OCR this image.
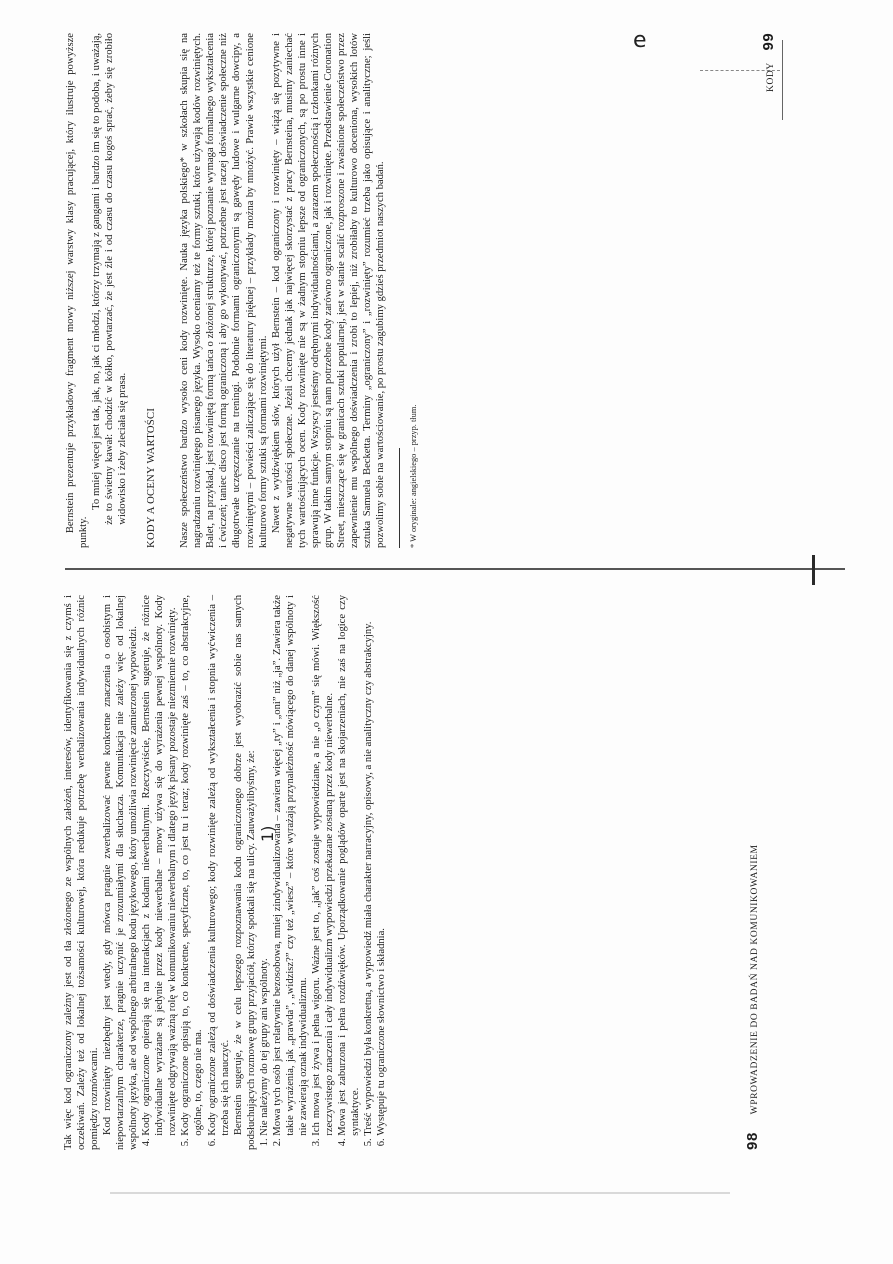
98  WPROWADZENIE DO BADAŃ NAD KOMUNIKOWANIEM

Tak więc kod ograniczony zależny jest od tła złożonego ze wspólnych założeń, interesów, identyfikowania się z czymś i oczekiwań. Zależy też od lokalnej tożsamości kulturowej, która redukuje potrzebę werbalizowania indywidualnych różnic pomiędzy rozmówcami. Kod rozwinięty niezbędny jest wtedy, gdy mówca pragnie zwerbalizować pewne konkretne znaczenia o osobistym i niepowtarzalnym charakterze, pragnie uczynić je zrozumiałymi dla słuchacza. Komunikacja nie zależy więc od lokalnej wspólnoty języka, ale od wspólnego arbitralnego kodu językowego, który umożliwia rozwinięcie zamierzonej wypowiedzi. 4. Kody ograniczone opierają się na interakcjach z kodami niewerbalnymi. Rzeczywiście, Bernstein sugeruje, że różnice indywidualne wyrażane są jedynie przez kody niewerbalne – mowy używa się do wyrażenia pewnej wspólnoty. Kody rozwinięte odgrywają ważną rolę w komunikowaniu niewerbalnym i dlatego język pisany pozostaje niezmiennie rozwinięty. 5. Kody ograniczone opisują to, co konkretne, specyficzne, to, co jest tu i teraz; kody rozwinięte zaś – to, co abstrakcyjne, ogólne, to, czego nie ma. 6. Kody ograniczone zależą od doświadczenia kulturowego; kody rozwinięte zależą od wykształcenia i stopnia wyćwiczenia – trzeba się ich nauczyć. Bernstein sugeruje, że w celu lepszego rozpoznawania kodu ograniczonego dobrze jest wyobrazić sobie nas samych podsłuchujących rozmowę grupy przyjaciół, którzy spotkali się na ulicy. Zauważylibyśmy, że: 1. Nie należymy do tej grupy ani wspólnoty. 2. Mowa tych osób jest relatywnie bezosobowa, mniej zindywidualizowana – zawiera więcej „ty” i „oni” niż „ja”. Zawiera także takie wyrażenia, jak „prawda”, „widzisz?” czy też „wiesz” – które wyrażają przynależność mówiącego do danej wspólnoty i nie zawierają oznak indywidualizmu. 3. Ich mowa jest żywa i pełna wigoru. Ważne jest to, „jak” coś zostaje wypowiedziane, a nie „o czym” się mówi. Większość rzeczywistego znaczenia i cały indywidualizm wypowiedzi przekazane zostaną przez kody niewerbalne. 4. Mowa jest zaburzona i pełna rozdźwięków. Uporządkowanie poglądów oparte jest na skojarzeniach, nie zaś na logice czy syntaktyce. 5. Treść wypowiedzi była konkretna, a wypowiedź miała charakter narracyjny, opisowy, a nie analityczny czy abstrakcyjny. 6. Występuje tu ograniczone słownictwo i składnia.
1)
KODY  99

Bernstein prezentuje przykładowy fragment mowy niższej warstwy klasy pracującej, który ilustruje powyższe punkty.

To mniej więcej jest tak, jak, no, jak ci młodzi, którzy trzymają z gangami i bardzo im się to podoba, i uważają, że to świetny kawał: chodzić w kółko, powtarzać, że jest źle i od czasu do czasu kogoś sprać, żeby się zrobiło widowisko i żeby zleciała się prasa. KODY A OCENY WARTOŚCI Nasze społeczeństwo bardzo wysoko ceni kody rozwinięte. Nauka języka polskiego* w szkołach skupia się na nagradzaniu rozwiniętego pisanego języka. Wysoko oceniamy też te formy sztuki, które używają kodów rozwiniętych. Balet, na przykład, jest rozwiniętą formą tańca o złożonej strukturze, której poznanie wymaga formalnego wykształcenia i ćwiczeń; taniec disco jest formą ograniczoną i aby go wykonywać, potrzebne jest raczej doświadczenie społeczne niż długotrwałe uczęszczanie na treningi. Podobnie formami ograniczonymi są gawędy ludowe i wulgarne dowcipy, a rozwiniętymi – powieści zaliczające się do literatury pięknej – przykłady można by mnożyć. Prawie wszystkie cenione kulturowo formy sztuki są formami rozwiniętymi. Nawet z wydźwiękiem słów, których użył Bernstein – kod ograniczony i rozwinięty – wiążą się pozytywne i negatywne wartości społeczne. Jeżeli chcemy jednak jak najwięcej skorzystać z pracy Bernsteina, musimy zaniechać tych wartościujących ocen. Kody rozwinięte nie są w żadnym stopniu lepsze od ograniczonych, są po prostu inne i sprawują inne funkcje. Wszyscy jesteśmy odrębnymi indywidualnościami, a zarazem społecznością i członkami różnych grup. W takim samym stopniu są nam potrzebne kody zarówno ograniczone, jak i rozwinięte. Przedstawienie Coronation Street, mieszczące się w granicach sztuki popularnej, jest w stanie scalić rozproszone i zwaśnione społeczeństwo przez zapewnienie mu wspólnego doświadczenia i zrobi to lepiej, niż zrobiłaby to kulturowo doceniona, wysokich lotów sztuka Samuela Becketta. Terminy „ograniczony” i „rozwinięty” rozumieć trzeba jako opisujące i analityczne; jeśli pozwolimy sobie na wartościowanie, po prostu zagubimy gdzieś przedmiot naszych badań.	* W oryginale: angielskiego – przyp. tłum.

e
